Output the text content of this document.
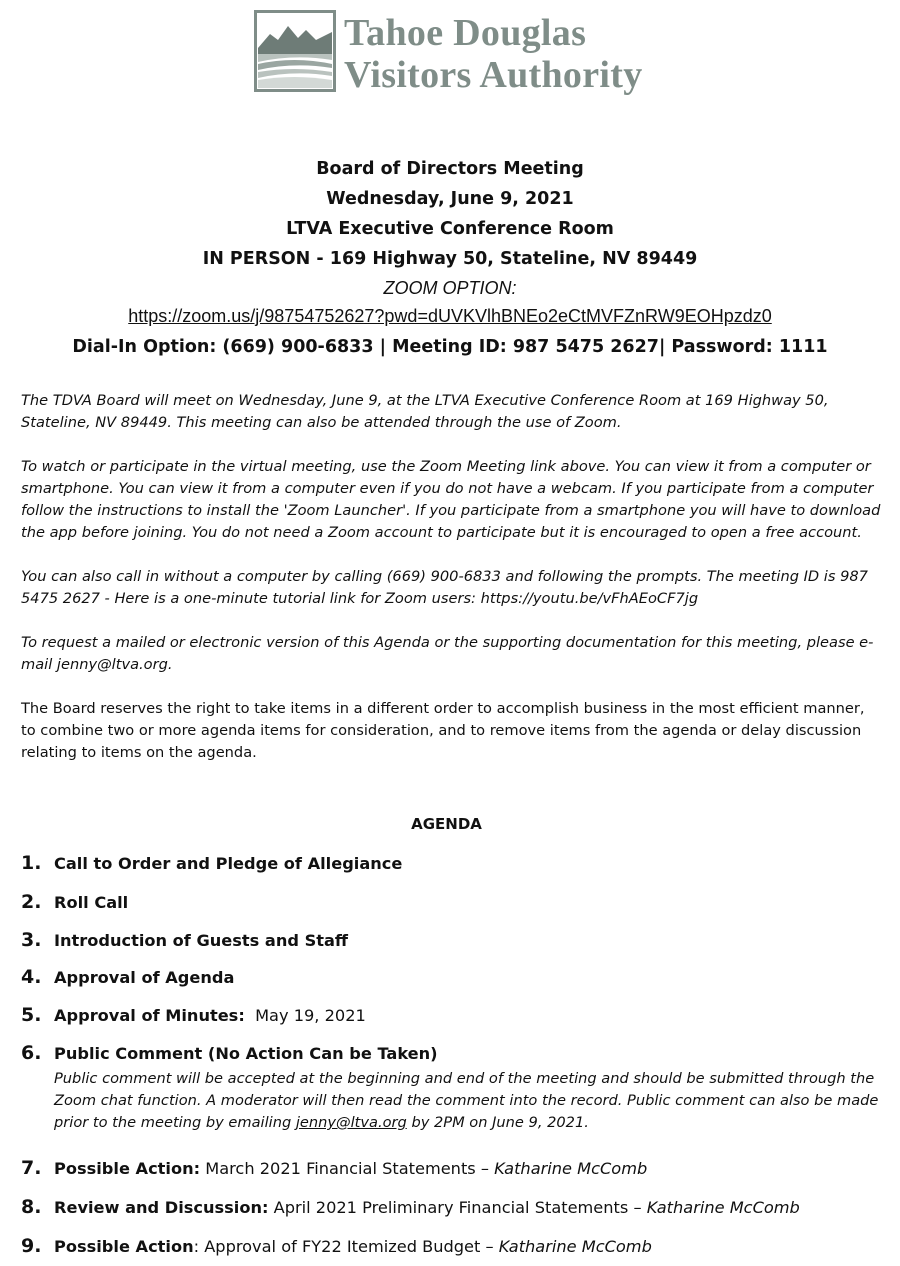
Tahoe Douglas
Visitors Authority
Board of Directors Meeting
Wednesday, June 9, 2021
LTVA Executive Conference Room
IN PERSON - 169 Highway 50, Stateline, NV 89449
ZOOM OPTION:
https://zoom.us/j/98754752627?pwd=dUVKVlhBNEo2eCtMVFZnRW9EOHpzdz0
Dial-In Option: (669) 900-6833 | Meeting ID: 987 5475 2627| Password: 1111

The TDVA Board will meet on Wednesday, June 9, at the LTVA Executive Conference Room at 169 Highway 50, Stateline, NV 89449. This meeting can also be attended through the use of Zoom.

To watch or participate in the virtual meeting, use the Zoom Meeting link above. You can view it from a computer or smartphone. You can view it from a computer even if you do not have a webcam. If you participate from a computer follow the instructions to install the 'Zoom Launcher'. If you participate from a smartphone you will have to download the app before joining. You do not need a Zoom account to participate but it is encouraged to open a free account.

You can also call in without a computer by calling (669) 900-6833 and following the prompts. The meeting ID is 987 5475 2627 - Here is a one-minute tutorial link for Zoom users: https://youtu.be/vFhAEoCF7jg

To request a mailed or electronic version of this Agenda or the supporting documentation for this meeting, please e-mail jenny@ltva.org.

The Board reserves the right to take items in a different order to accomplish business in the most efficient manner, to combine two or more agenda items for consideration, and to remove items from the agenda or delay discussion relating to items on the agenda.

AGENDA
1. Call to Order and Pledge of Allegiance
2. Roll Call
3. Introduction of Guests and Staff
4. Approval of Agenda
5. Approval of Minutes: May 19, 2021
6. Public Comment (No Action Can be Taken)
Public comment will be accepted at the beginning and end of the meeting and should be submitted through the Zoom chat function. A moderator will then read the comment into the record. Public comment can also be made prior to the meeting by emailing jenny@ltva.org by 2PM on June 9, 2021.
7. Possible Action: March 2021 Financial Statements – Katharine McComb
8. Review and Discussion: April 2021 Preliminary Financial Statements – Katharine McComb
9. Possible Action: Approval of FY22 Itemized Budget – Katharine McComb
